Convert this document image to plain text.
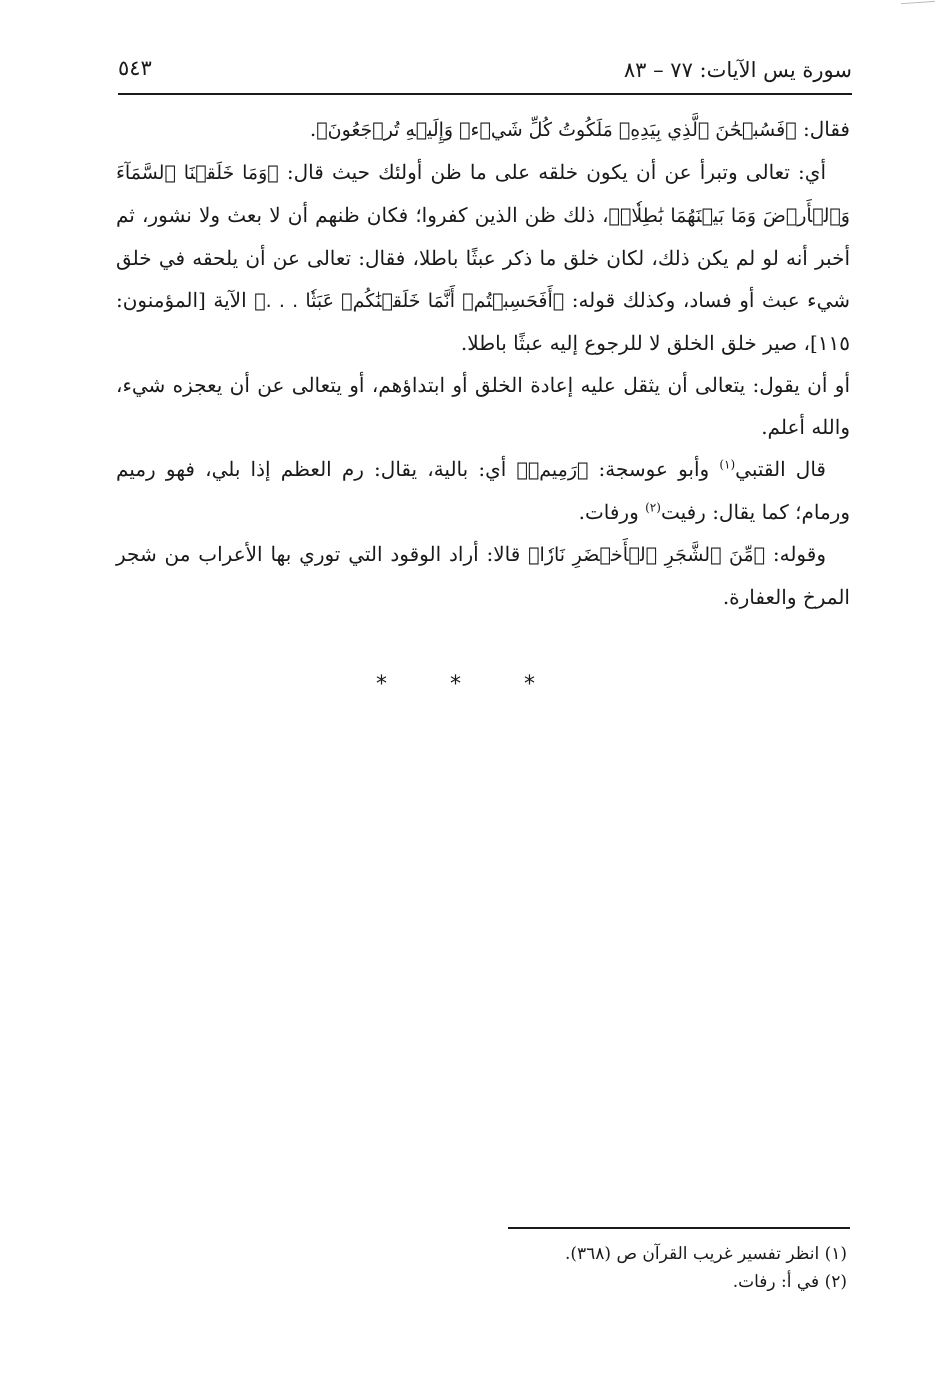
سورة يس الآيات: ٧٧ – ٨٣
٥٤٣

فقال: ﴿فَسُبۡحَٰنَ ٱلَّذِي بِيَدِهِۦ مَلَكُوتُ كُلِّ شَيۡءٖ وَإِلَيۡهِ تُرۡجَعُونَ﴾.

أي: تعالى وتبرأ عن أن يكون خلقه على ما ظن أولئك حيث قال: ﴿وَمَا خَلَقۡنَا ٱلسَّمَآءَ وَٱلۡأَرۡضَ وَمَا بَيۡنَهُمَا بَٰطِلٗاۚ﴾، ذلك ظن الذين كفروا؛ فكان ظنهم أن لا بعث ولا نشور، ثم أخبر أنه لو لم يكن ذلك، لكان خلق ما ذكر عبثًا باطلا، فقال: تعالى عن أن يلحقه في خلق شيء عبث أو فساد، وكذلك قوله: ﴿أَفَحَسِبۡتُمۡ أَنَّمَا خَلَقۡنَٰكُمۡ عَبَثٗا . . .﴾ الآية [المؤمنون: ١١٥]، صير خلق الخلق لا للرجوع إليه عبثًا باطلا.

أو أن يقول: يتعالى أن يثقل عليه إعادة الخلق أو ابتداؤهم، أو يتعالى عن أن يعجزه شيء، والله أعلم.

قال القتبي$^{(١)}$ وأبو عوسجة: ﴿رَمِيمٞ﴾ أي: بالية، يقال: رم العظم إذا بلي، فهو رميم ورمام؛ كما يقال: رفيت$^{(٢)}$ ورفات.

وقوله: ﴿مِّنَ ٱلشَّجَرِ ٱلۡأَخۡضَرِ نَارٗا﴾ قالا: أراد الوقود التي توري بها الأعراب من شجر المرخ والعفارة.

* * *

(١) انظر تفسير غريب القرآن ص (٣٦٨).

(٢) في أ: رفات.
